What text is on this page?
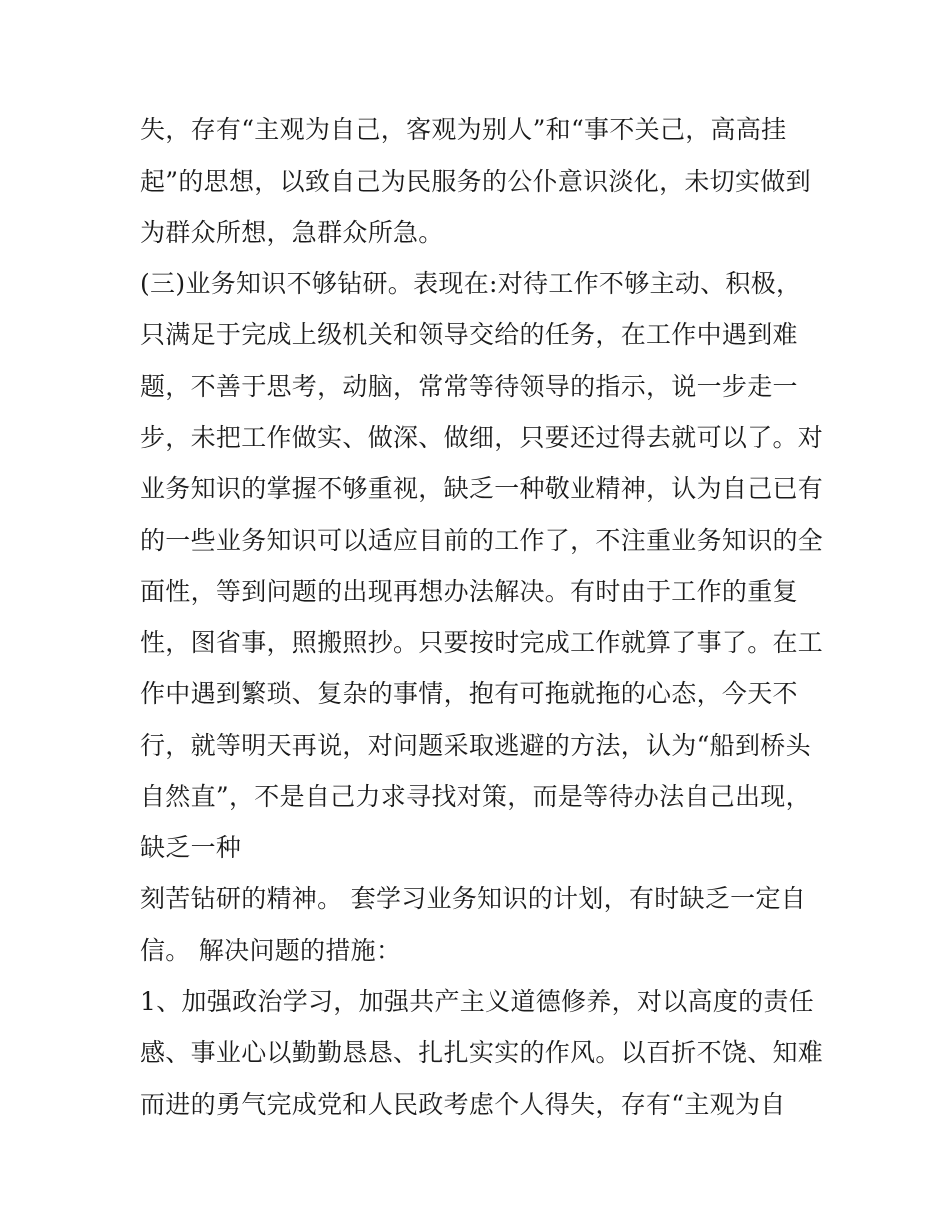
失，存有“主观为自己，客观为别人”和“事不关己，高高挂
起”的思想，以致自己为民服务的公仆意识淡化，未切实做到
为群众所想，急群众所急。
(三)业务知识不够钻研。表现在:对待工作不够主动、积极，
只满足于完成上级机关和领导交给的任务，在工作中遇到难
题，不善于思考，动脑，常常等待领导的指示，说一步走一
步，未把工作做实、做深、做细，只要还过得去就可以了。对
业务知识的掌握不够重视，缺乏一种敬业精神，认为自己已有
的一些业务知识可以适应目前的工作了，不注重业务知识的全
面性，等到问题的出现再想办法解决。有时由于工作的重复
性，图省事，照搬照抄。只要按时完成工作就算了事了。在工
作中遇到繁琐、复杂的事情，抱有可拖就拖的心态，今天不
行，就等明天再说，对问题采取逃避的方法，认为“船到桥头
自然直”，不是自己力求寻找对策，而是等待办法自己出现，
缺乏一种
刻苦钻研的精神。 套学习业务知识的计划，有时缺乏一定自
信。 解决问题的措施：
1、加强政治学习，加强共产主义道德修养，对以高度的责任
感、事业心以勤勤恳恳、扎扎实实的作风。以百折不饶、知难
而进的勇气完成党和人民政考虑个人得失，存有“主观为自
